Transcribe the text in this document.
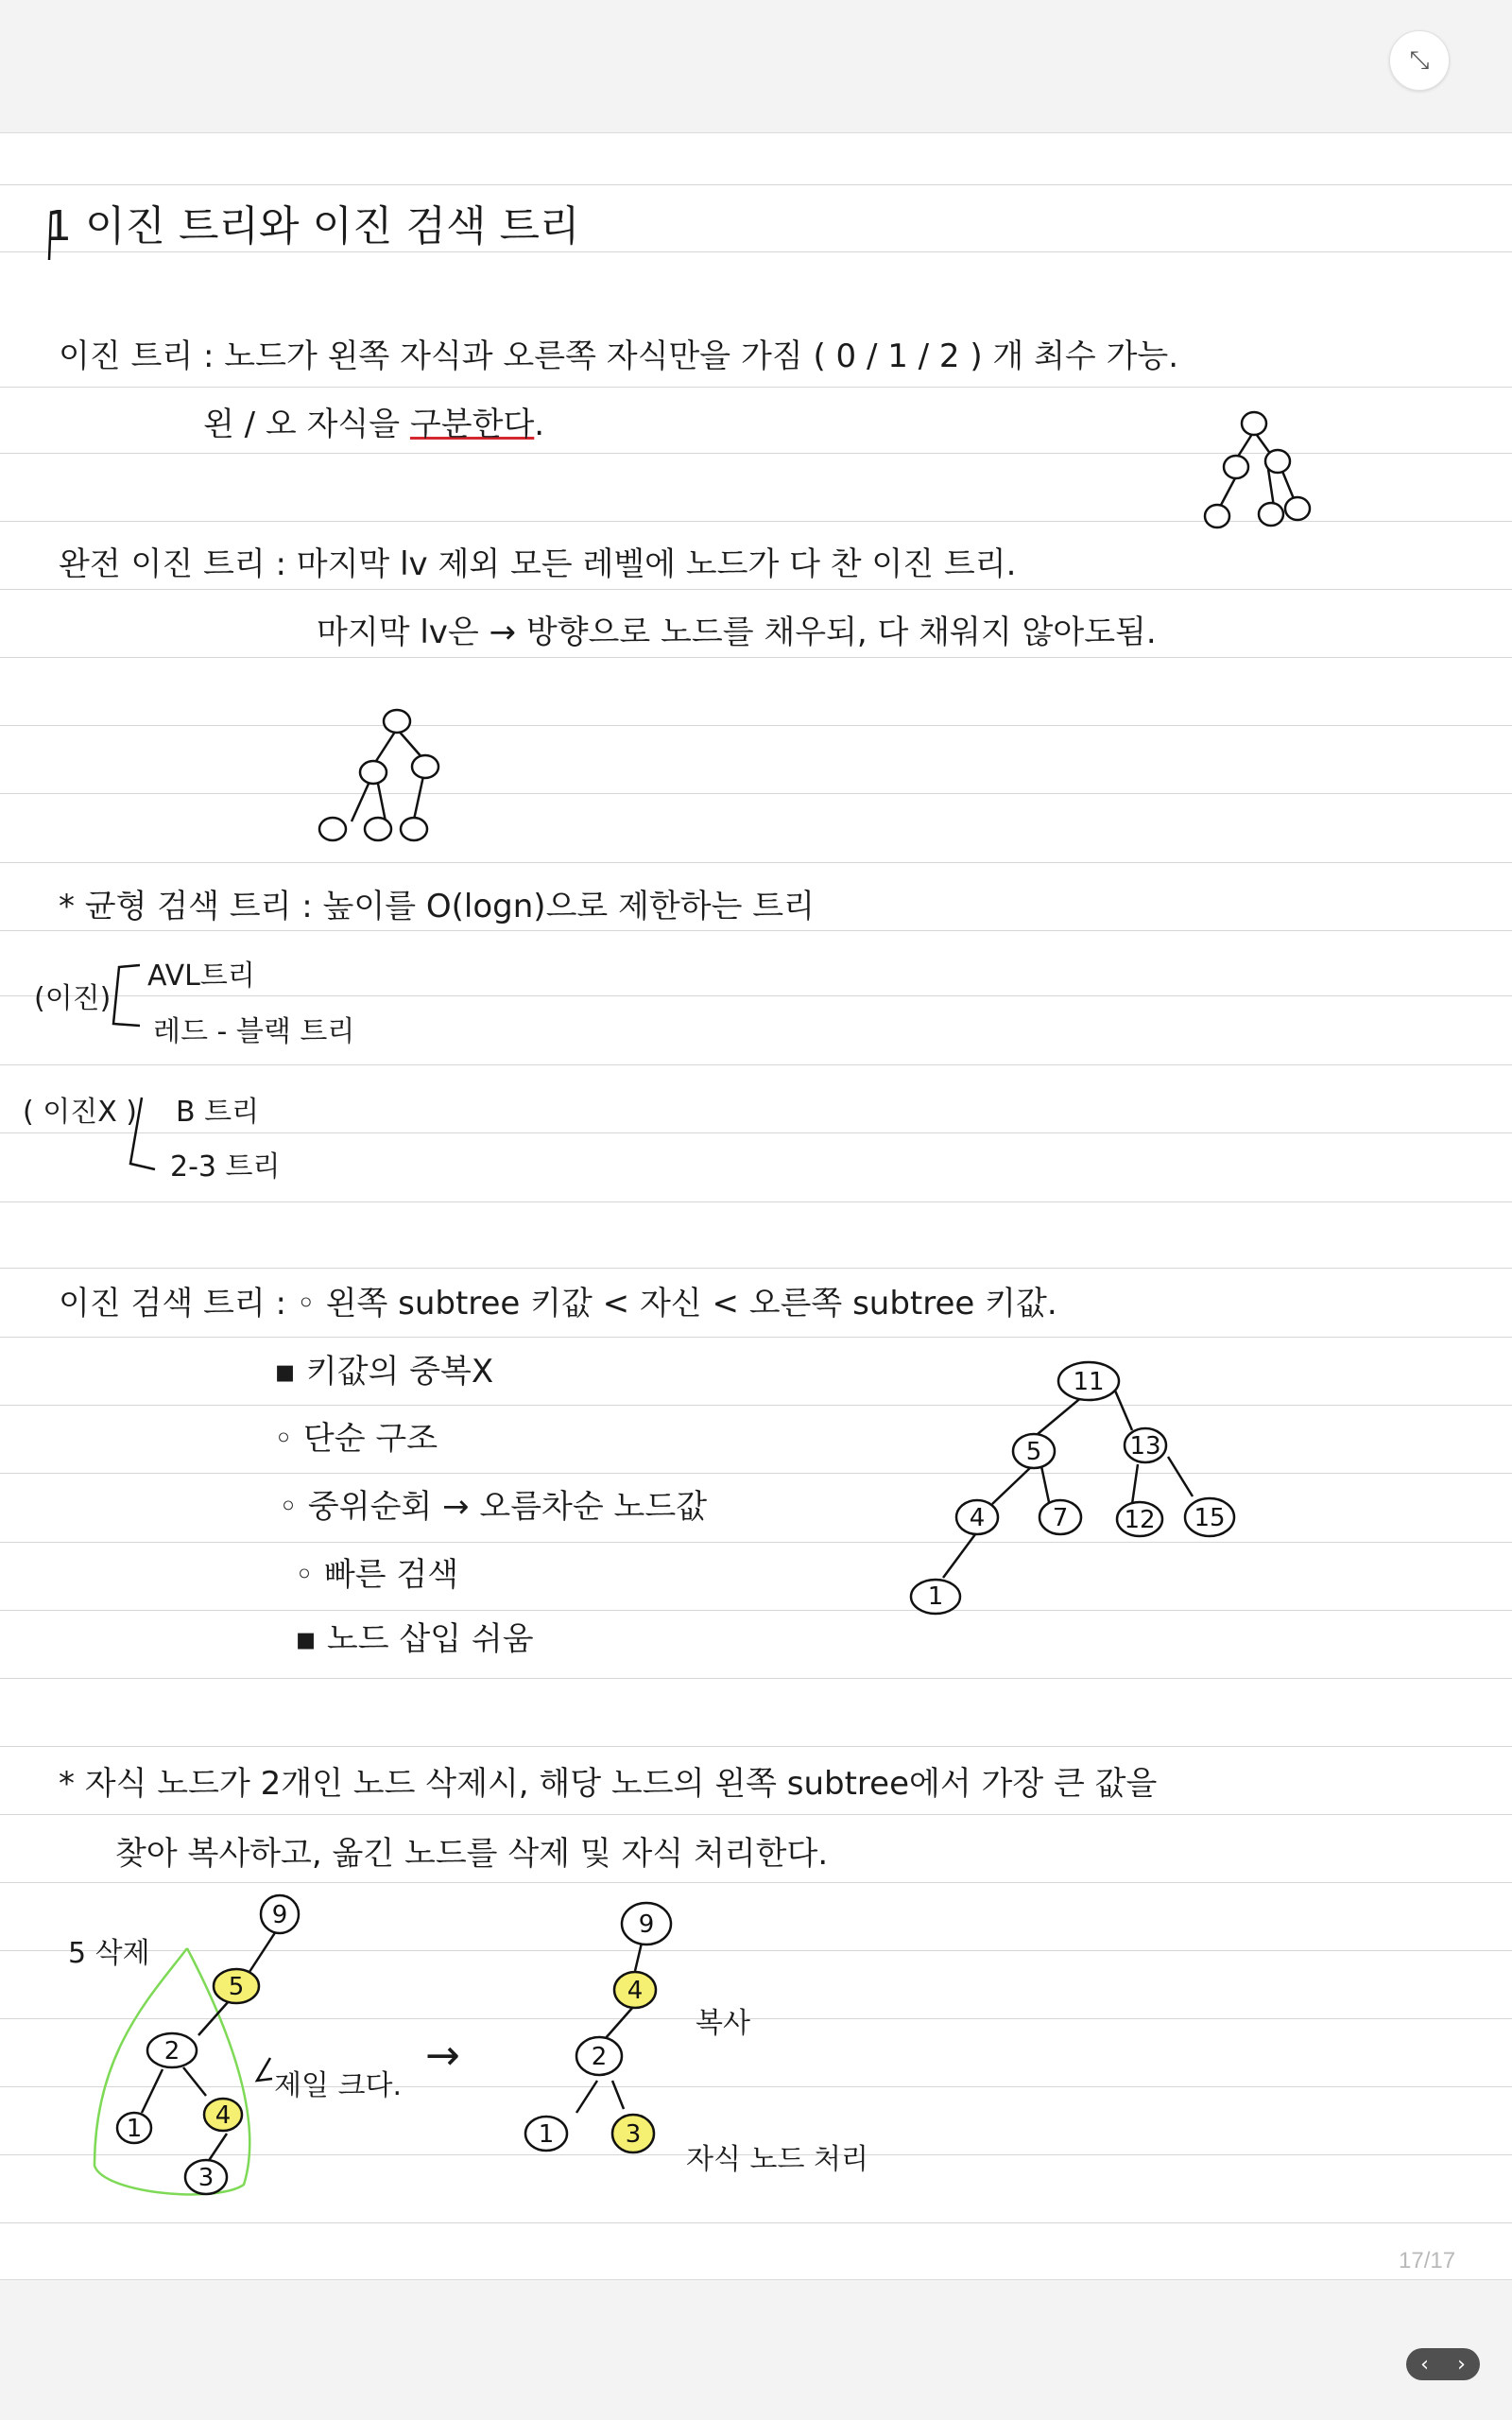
⤡
1 이진 트리와 이진 검색 트리
이진 트리 : 노드가 왼쪽 자식과 오른쪽 자식만을 가짐 ( 0 / 1 / 2 ) 개 최수 가능.
왼 / 오 자식을 구분한다.
완전 이진 트리 : 마지막 lv 제외 모든 레벨에 노드가 다 찬 이진 트리.
마지막 lv은 → 방향으로 노드를 채우되, 다 채워지 않아도됨.
* 균형 검색 트리 : 높이를 O(logn)으로 제한하는 트리
(이진)
AVL트리
레드 - 블랙 트리
( 이진X ) B 트리
2-3 트리
이진 검색 트리 : ◦ 왼쪽 subtree 키값 < 자신 < 오른쪽 subtree 키값.
▪ 키값의 중복X
◦ 단순 구조
◦ 중위순회 → 오름차순 노드값
◦ 빠른 검색
▪ 노드 삽입 쉬움
11
5	13
4	7 12 15
1
* 자식 노드가 2개인 노드 삭제시, 해당 노드의 왼쪽 subtree에서 가장 큰 값을
찾아 복사하고, 옮긴 노드를 삭제 및 자식 처리한다.
5 삭제
제일 크다.
→
복사
자식 노드 처리
9
5
2
1	4
3
9
4
2
1	3
17/17
‹ ›
